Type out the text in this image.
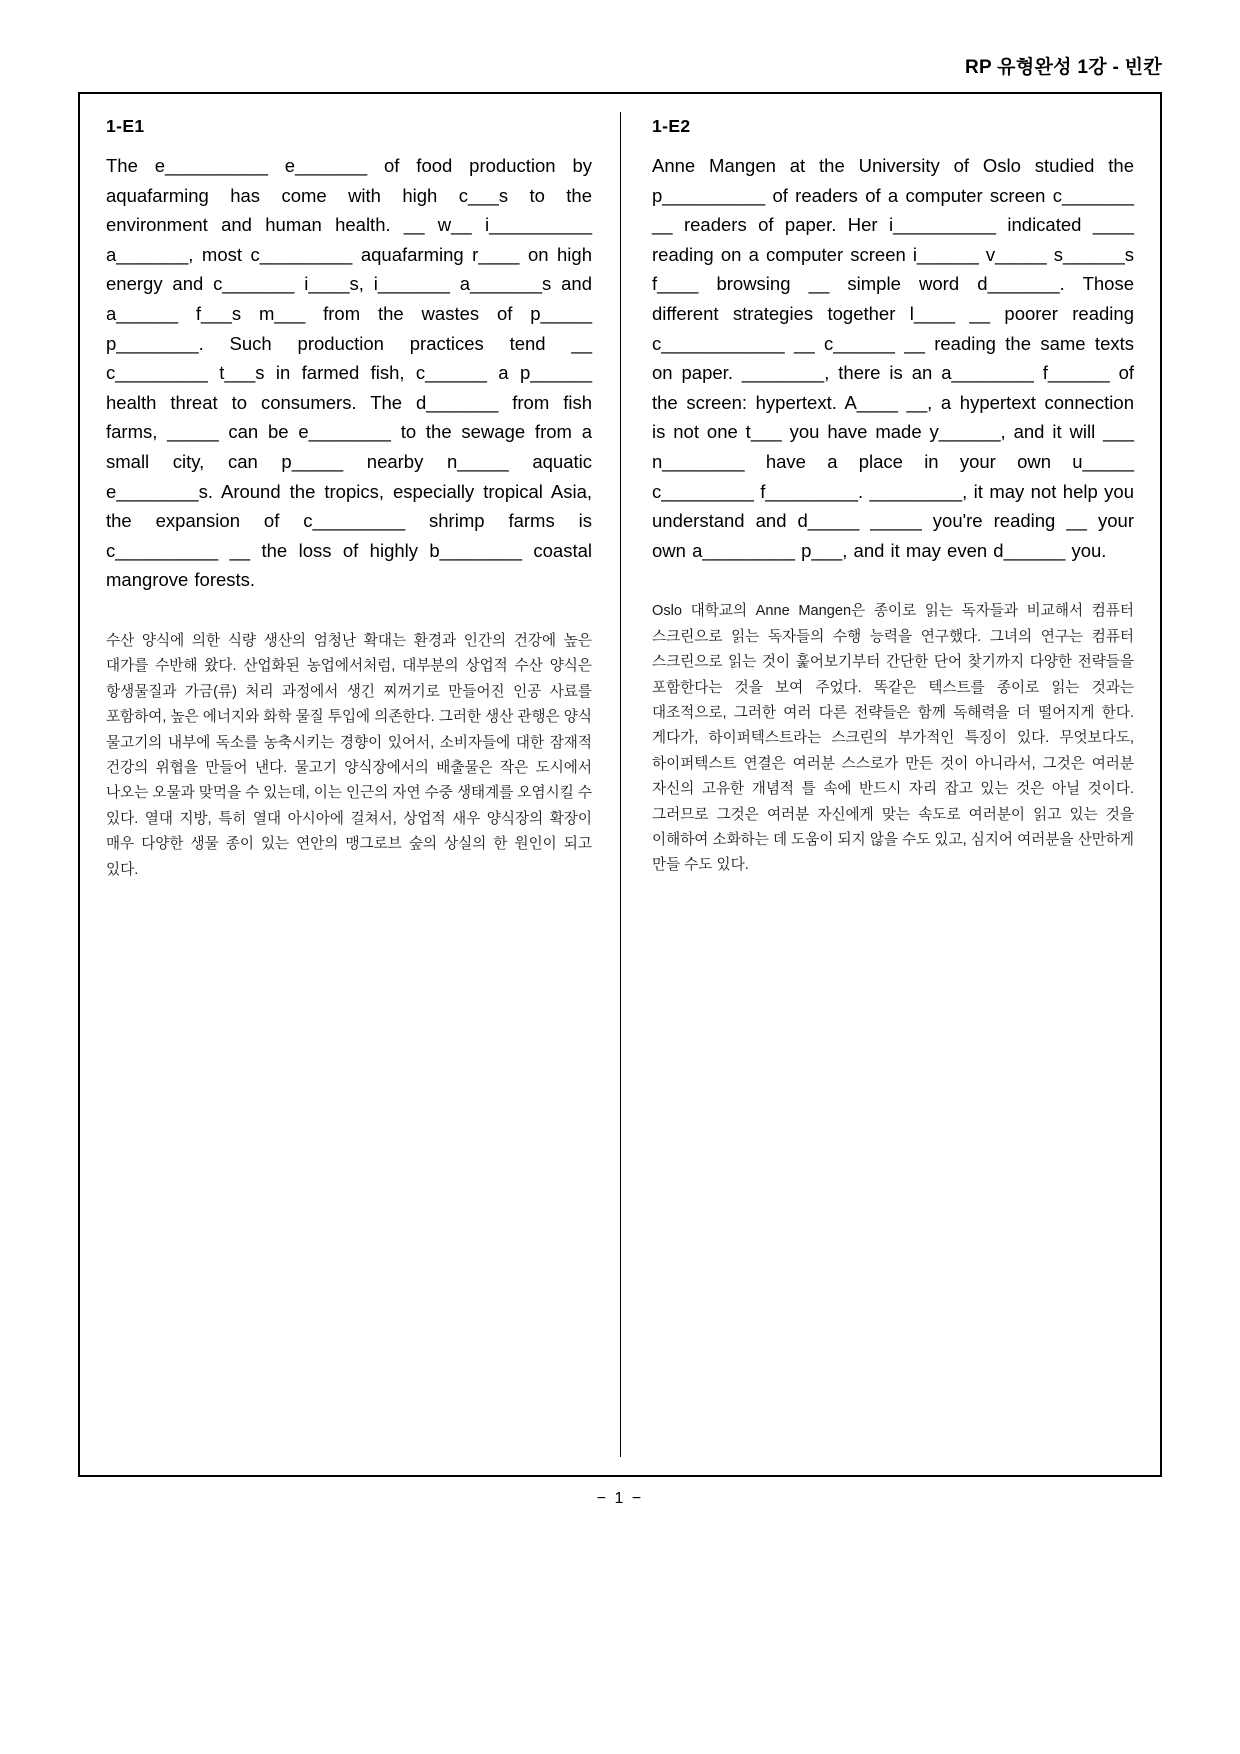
RP 유형완성 1강 - 빈칸
1-E1
The e__________ e_______ of food production by aquafarming has come with high c___s to the environment and human health. __ w__ i__________ a_______, most c_________ aquafarming r____ on high energy and c_______ i____s, i_______ a_______s and a______ f___s m___ from the wastes of p_____ p________. Such production practices tend __ c_________ t___s in farmed fish, c______ a p______ health threat to consumers. The d_______ from fish farms, _____ can be e________ to the sewage from a small city, can p_____ nearby n_____ aquatic e________s. Around the tropics, especially tropical Asia, the expansion of c_________ shrimp farms is c__________ __ the loss of highly b________ coastal mangrove forests.
수산 양식에 의한 식량 생산의 엄청난 확대는 환경과 인간의 건강에 높은 대가를 수반해 왔다. 산업화된 농업에서처럼, 대부분의 상업적 수산 양식은 항생물질과 가금(류) 처리 과정에서 생긴 찌꺼기로 만들어진 인공 사료를 포함하여, 높은 에너지와 화학 물질 투입에 의존한다. 그러한 생산 관행은 양식 물고기의 내부에 독소를 농축시키는 경향이 있어서, 소비자들에 대한 잠재적 건강의 위협을 만들어 낸다. 물고기 양식장에서의 배출물은 작은 도시에서 나오는 오물과 맞먹을 수 있는데, 이는 인근의 자연 수중 생태계를 오염시킬 수 있다. 열대 지방, 특히 열대 아시아에 걸쳐서, 상업적 새우 양식장의 확장이 매우 다양한 생물 종이 있는 연안의 맹그로브 숲의 상실의 한 원인이 되고 있다.
1-E2
Anne Mangen at the University of Oslo studied the p__________ of readers of a computer screen c_______ __ readers of paper. Her i__________ indicated ____ reading on a computer screen i______ v_____ s______s f____ browsing __ simple word d_______. Those different strategies together l____ __ poorer reading c____________ __ c______ __ reading the same texts on paper. ________, there is an a________ f______ of the screen: hypertext. A____ __, a hypertext connection is not one t___ you have made y______, and it will ___ n________ have a place in your own u_____ c_________ f_________. _________, it may not help you understand and d_____ _____ you're reading __ your own a_________ p___, and it may even d______ you.
Oslo 대학교의 Anne Mangen은 종이로 읽는 독자들과 비교해서 컴퓨터 스크린으로 읽는 독자들의 수행 능력을 연구했다. 그녀의 연구는 컴퓨터 스크린으로 읽는 것이 훑어보기부터 간단한 단어 찾기까지 다양한 전략들을 포함한다는 것을 보여 주었다. 똑같은 텍스트를 종이로 읽는 것과는 대조적으로, 그러한 여러 다른 전략들은 함께 독해력을 더 떨어지게 한다. 게다가, 하이퍼텍스트라는 스크린의 부가적인 특징이 있다. 무엇보다도, 하이퍼텍스트 연결은 여러분 스스로가 만든 것이 아니라서, 그것은 여러분 자신의 고유한 개념적 틀 속에 반드시 자리 잡고 있는 것은 아닐 것이다. 그러므로 그것은 여러분 자신에게 맞는 속도로 여러분이 읽고 있는 것을 이해하여 소화하는 데 도움이 되지 않을 수도 있고, 심지어 여러분을 산만하게 만들 수도 있다.
− 1 −
